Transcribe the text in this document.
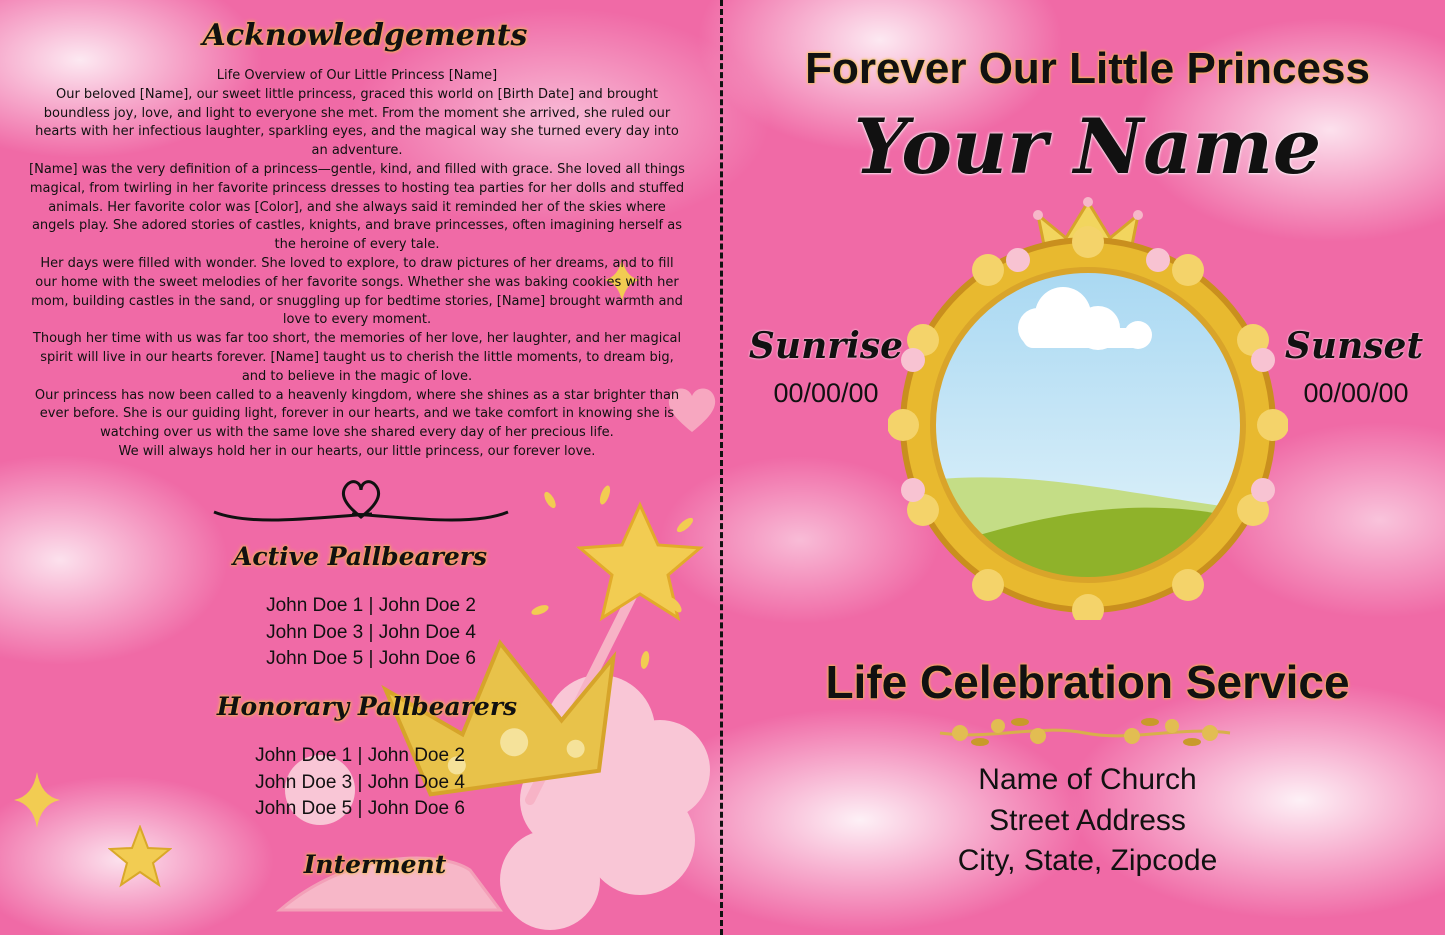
Acknowledgements

Life Overview of Our Little Princess [Name]

Our beloved [Name], our sweet little princess, graced this world on [Birth Date] and brought boundless joy, love, and light to everyone she met. From the moment she arrived, she ruled our hearts with her infectious laughter, sparkling eyes, and the magical way she turned every day into an adventure.

[Name] was the very definition of a princess—gentle, kind, and filled with grace. She loved all things magical, from twirling in her favorite princess dresses to hosting tea parties for her dolls and stuffed animals. Her favorite color was [Color], and she always said it reminded her of the skies where angels play. She adored stories of castles, knights, and brave princesses, often imagining herself as the heroine of every tale.

Her days were filled with wonder. She loved to explore, to draw pictures of her dreams, and to fill our home with the sweet melodies of her favorite songs. Whether she was baking cookies with her mom, building castles in the sand, or snuggling up for bedtime stories, [Name] brought warmth and love to every moment.

Though her time with us was far too short, the memories of her love, her laughter, and her magical spirit will live in our hearts forever. [Name] taught us to cherish the little moments, to dream big, and to believe in the magic of love.

Our princess has now been called to a heavenly kingdom, where she shines as a star brighter than ever before. She is our guiding light, forever in our hearts, and we take comfort in knowing she is watching over us with the same love she shared every day of her precious life.

We will always hold her in our hearts, our little princess, our forever love.

Active Pallbearers
John Doe 1 | John Doe 2
John Doe 3 | John Doe 4
John Doe 5 | John Doe 6
Honorary Pallbearers
John Doe 1 | John Doe 2
John Doe 3 | John Doe 4
John Doe 5 | John Doe 6
Interment
Forever Our Little Princess
Your Name
Sunrise
00/00/00
Sunset
00/00/00
Life Celebration Service
Name of Church
Street Address
City, State, Zipcode
